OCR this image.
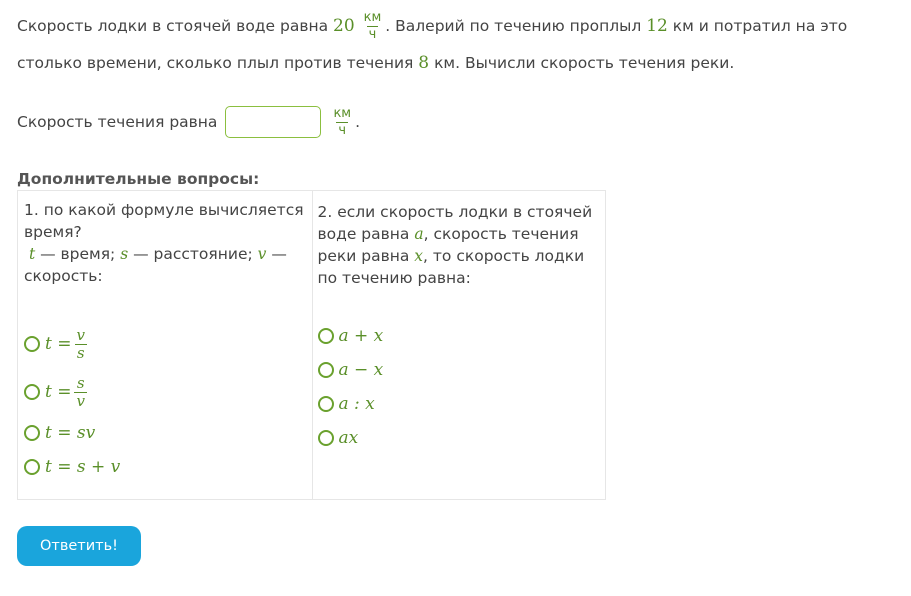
Скорость лодки в стоячей воде равна $20 \frac{км}{ч}$ . Валерий по течению проплыл 12 км и потратил на это столько времени, сколько плыл против течения 8 км. Вычисли скорость течения реки.
Скорость течения равна	$\frac{км}{ч}$ .
Дополнительные вопросы:
1. по какой формуле вычисляется время?
t — время; s — расстояние; v —
скорость:
$t = \frac{v}{s}$
$t = \frac{s}{v}$
t = sv
t = s + v
2. если скорость лодки в стоячей воде равна a, скорость течения реки равна x, то скорость лодки по течению равна:
a + x
a − x
a : x
ax
Ответить!
